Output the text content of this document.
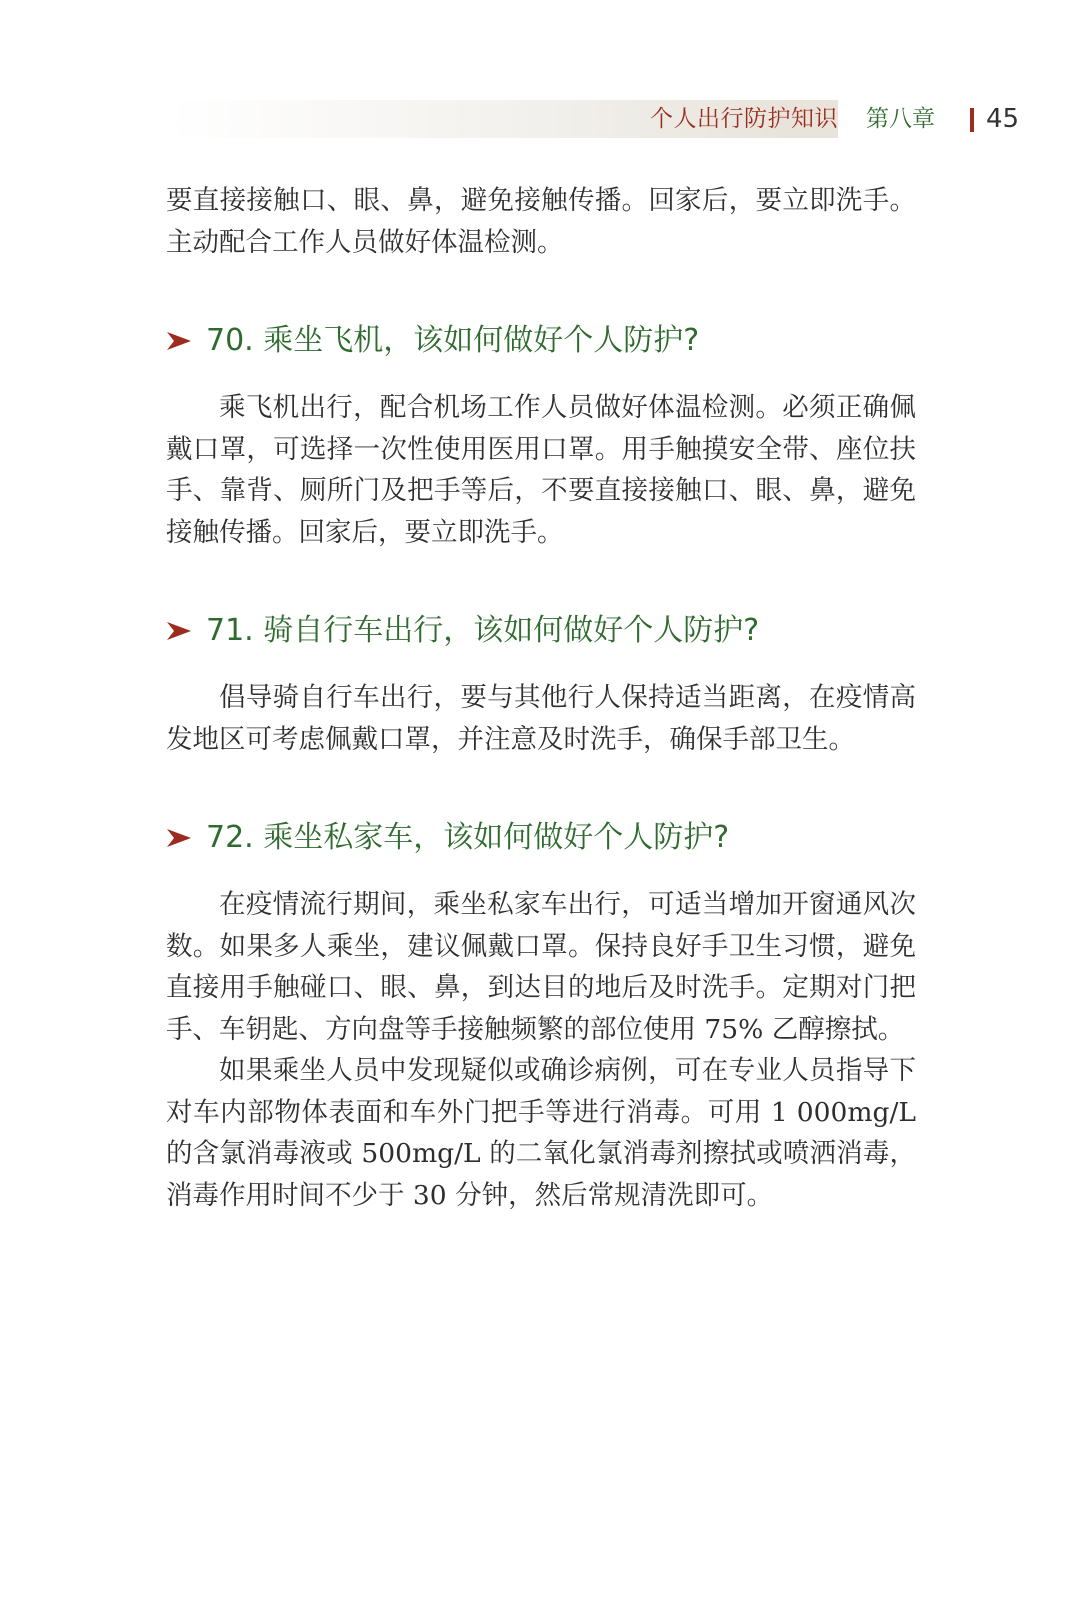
个人出行防护知识 第八章 45

要直接接触口、眼、鼻，避免接触传播。回家后，要立即洗手。主动配合工作人员做好体温检测。

70. 乘坐飞机，该如何做好个人防护?

乘飞机出行，配合机场工作人员做好体温检测。必须正确佩戴口罩，可选择一次性使用医用口罩。用手触摸安全带、座位扶手、靠背、厕所门及把手等后，不要直接接触口、眼、鼻，避免接触传播。回家后，要立即洗手。

71. 骑自行车出行，该如何做好个人防护?

倡导骑自行车出行，要与其他行人保持适当距离，在疫情高发地区可考虑佩戴口罩，并注意及时洗手，确保手部卫生。

72. 乘坐私家车，该如何做好个人防护?

在疫情流行期间，乘坐私家车出行，可适当增加开窗通风次数。如果多人乘坐，建议佩戴口罩。保持良好手卫生习惯，避免直接用手触碰口、眼、鼻，到达目的地后及时洗手。定期对门把手、车钥匙、方向盘等手接触频繁的部位使用 75% 乙醇擦拭。

如果乘坐人员中发现疑似或确诊病例，可在专业人员指导下对车内部物体表面和车外门把手等进行消毒。可用 1 000mg/L 的含氯消毒液或 500mg/L 的二氧化氯消毒剂擦拭或喷洒消毒，消毒作用时间不少于 30 分钟，然后常规清洗即可。
